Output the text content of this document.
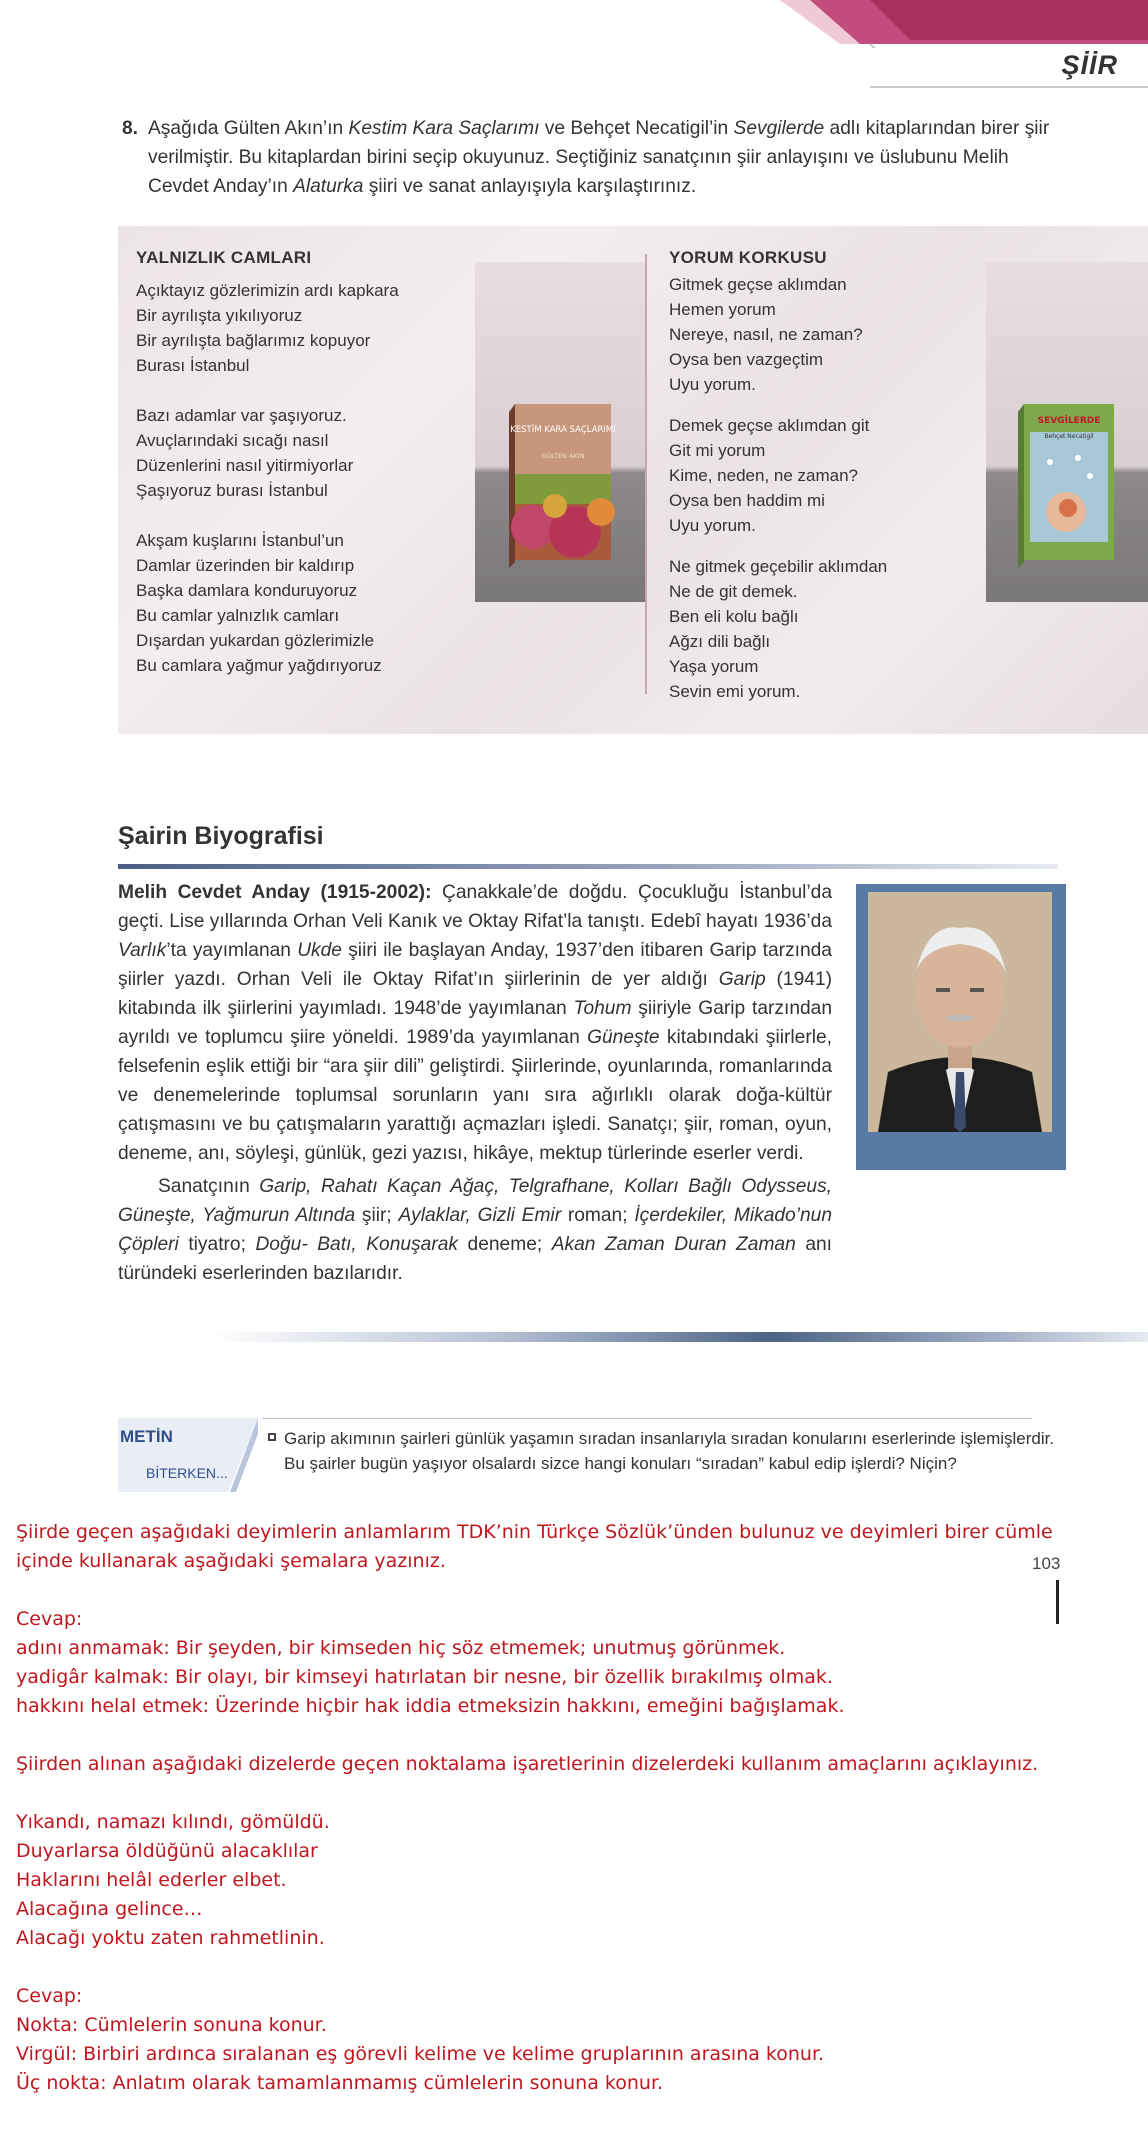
ŞİİR
8. Aşağıda Gülten Akın’ın Kestim Kara Saçlarımı ve Behçet Necatigil’in Sevgilerde adlı kitaplarından birer şiir verilmiştir. Bu kitaplardan birini seçip okuyunuz. Seçtiğiniz sanatçının şiir anlayışını ve üslubunu Melih Cevdet Anday’ın Alaturka şiiri ve sanat anlayışıyla karşılaştırınız.
YALNIZLIK CAMLARI
Açıktayız gözlerimizin ardı kapkara
Bir ayrılışta yıkılıyoruz
Bir ayrılışta bağlarımız kopuyor
Burası İstanbul
Bazı adamlar var şaşıyoruz.
Avuçlarındaki sıcağı nasıl
Düzenlerini nasıl yitirmiyorlar
Şaşıyoruz burası İstanbul
Akşam kuşlarını İstanbul’un
Damlar üzerinden bir kaldırıp
Başka damlara konduruyoruz
Bu camlar yalnızlık camları
Dışardan yukardan gözlerimizle
Bu camlara yağmur yağdırıyoruz
KESTİM KARA SAÇLARIMI
GÜLTEN AKIN
YORUM KORKUSU
Gitmek geçse aklımdan
Hemen yorum
Nereye, nasıl, ne zaman?
Oysa ben vazgeçtim
Uyu yorum.
Demek geçse aklımdan git
Git mi yorum
Kime, neden, ne zaman?
Oysa ben haddim mi
Uyu yorum.
Ne gitmek geçebilir aklımdan
Ne de git demek.
Ben eli kolu bağlı
Ağzı dili bağlı
Yaşa yorum
Sevin emi yorum.
SEVGİLERDE
Behçet Necatigil
Şairin Biyografisi

Melih Cevdet Anday (1915-2002): Çanakkale’de doğdu. Çocukluğu İstanbul’da geçti. Lise yıllarında Orhan Veli Kanık ve Oktay Rifat’la tanıştı. Edebî hayatı 1936’da Varlık’ta yayımlanan Ukde şiiri ile başlayan Anday, 1937’den itibaren Garip tarzında şiirler yazdı. Orhan Veli ile Oktay Rifat’ın şiirlerinin de yer aldığı Garip (1941) kitabında ilk şiirlerini yayımladı. 1948’de yayımlanan Tohum şiiriyle Garip tarzından ayrıldı ve toplumcu şiire yöneldi. 1989’da yayımlanan Güneşte kitabındaki şiirlerle, felsefenin eşlik ettiği bir “ara şiir dili” geliştirdi. Şiirlerinde, oyunlarında, romanlarında ve denemelerinde toplumsal sorunların yanı sıra ağırlıklı olarak doğa-kültür çatışmasını ve bu çatışmaların yarattığı açmazları işledi. Sanatçı; şiir, roman, oyun, deneme, anı, söyleşi, günlük, gezi yazısı, hikâye, mektup türlerinde eserler verdi.

Sanatçının Garip, Rahatı Kaçan Ağaç, Telgrafhane, Kolları Bağlı Odysseus, Güneşte, Yağmurun Altında şiir; Aylaklar, Gizli Emir roman; İçerdekiler, Mikado’nun Çöpleri tiyatro; Doğu- Batı, Konuşarak deneme; Akan Zaman Duran Zaman anı türündeki eserlerinden bazılarıdır.

METİN
BİTERKEN...
Garip akımının şairleri günlük yaşamın sıradan insanlarıyla sıradan konularını eserlerinde işlemişlerdir. Bu şairler bugün yaşıyor olsalardı sizce hangi konuları “sıradan” kabul edip işlerdi? Niçin?
Şiirde geçen aşağıdaki deyimlerin anlamlarım TDK’nin Türkçe Sözlük’ünden bulunuz ve deyimleri birer cümle
içinde kullanarak aşağıdaki şemalara yazınız.	103
Cevap:
adını anmamak: Bir şeyden, bir kimseden hiç söz etmemek; unutmuş görünmek.
yadigâr kalmak: Bir olayı, bir kimseyi hatırlatan bir nesne, bir özellik bırakılmış olmak.
hakkını helal etmek: Üzerinde hiçbir hak iddia etmeksizin hakkını, emeğini bağışlamak.
Şiirden alınan aşağıdaki dizelerde geçen noktalama işaretlerinin dizelerdeki kullanım amaçlarını açıklayınız.
Yıkandı, namazı kılındı, gömüldü.
Duyarlarsa öldüğünü alacaklılar
Haklarını helâl ederler elbet.
Alacağına gelince…
Alacağı yoktu zaten rahmetlinin.
Cevap:
Nokta: Cümlelerin sonuna konur.
Virgül: Birbiri ardınca sıralanan eş görevli kelime ve kelime gruplarının arasına konur.
Üç nokta: Anlatım olarak tamamlanmamış cümlelerin sonuna konur.
